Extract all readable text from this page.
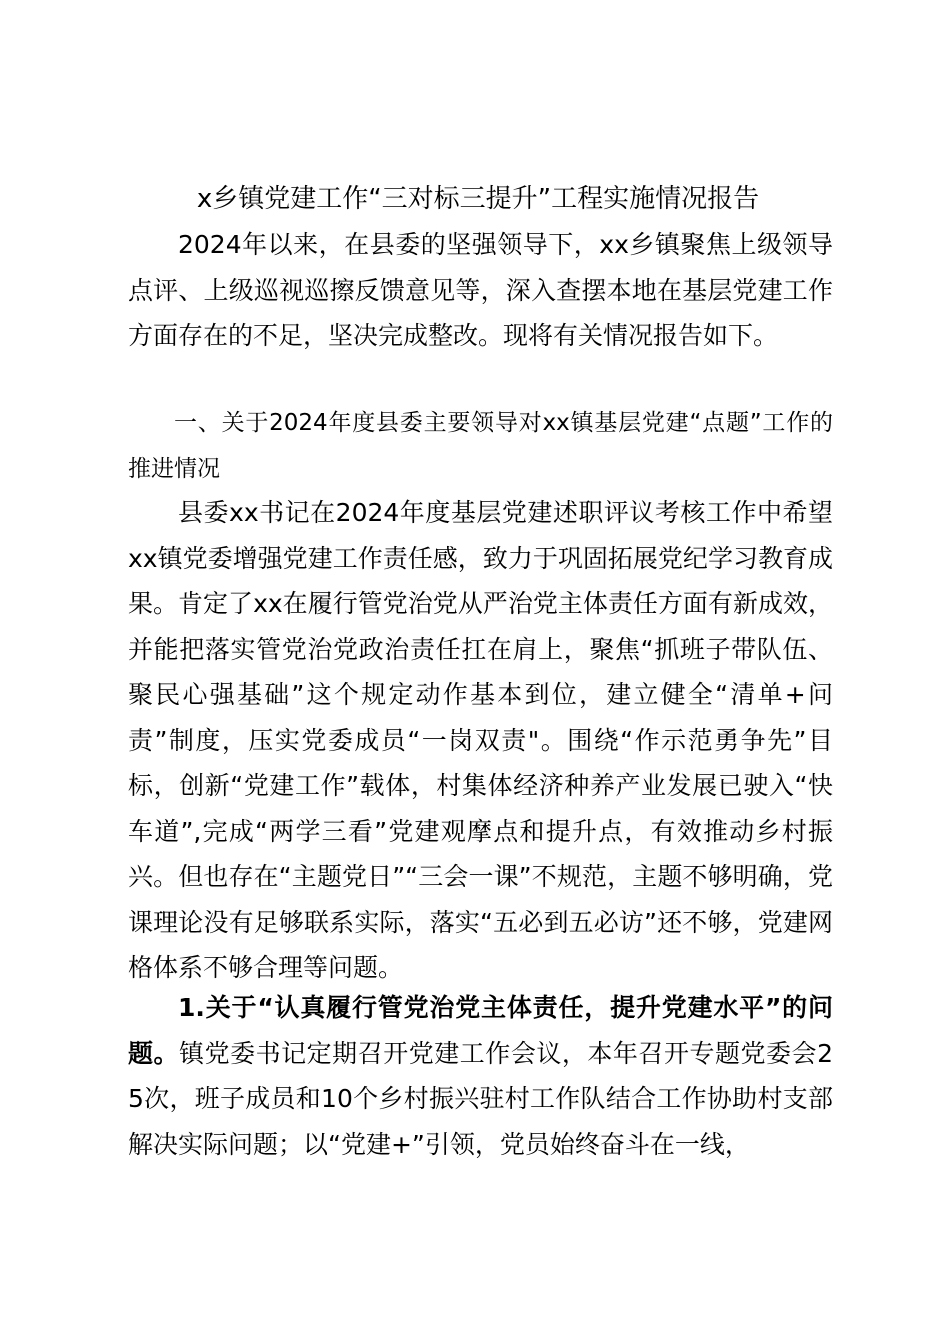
x乡镇党建工作“三对标三提升”工程实施情况报告

2024年以来，在县委的坚强领导下，xx乡镇聚焦上级领导点评、上级巡视巡擦反馈意见等，深入查摆本地在基层党建工作方面存在的不足，坚决完成整改。现将有关情况报告如下。

一、关于2024年度县委主要领导对xx镇基层党建“点题”工作的推进情况

县委xx书记在2024年度基层党建述职评议考核工作中希望xx镇党委增强党建工作责任感，致力于巩固拓展党纪学习教育成果。肯定了xx在履行管党治党从严治党主体责任方面有新成效，并能把落实管党治党政治责任扛在肩上，聚焦“抓班子带队伍、聚民心强基础”这个规定动作基本到位，建立健全“清单+问责”制度，压实党委成员“一岗双责"。围绕“作示范勇争先”目标，创新“党建工作”载体，村集体经济种养产业发展已驶入“快车道”,完成“两学三看”党建观摩点和提升点，有效推动乡村振兴。但也存在“主题党日”“三会一课”不规范，主题不够明确，党课理论没有足够联系实际，落实“五必到五必访”还不够，党建网格体系不够合理等问题。

1.关于“认真履行管党治党主体责任，提升党建水平”的问题。镇党委书记定期召开党建工作会议，本年召开专题党委会25次，班子成员和10个乡村振兴驻村工作队结合工作协助村支部解决实际问题；以“党建+”引领，党员始终奋斗在一线，
